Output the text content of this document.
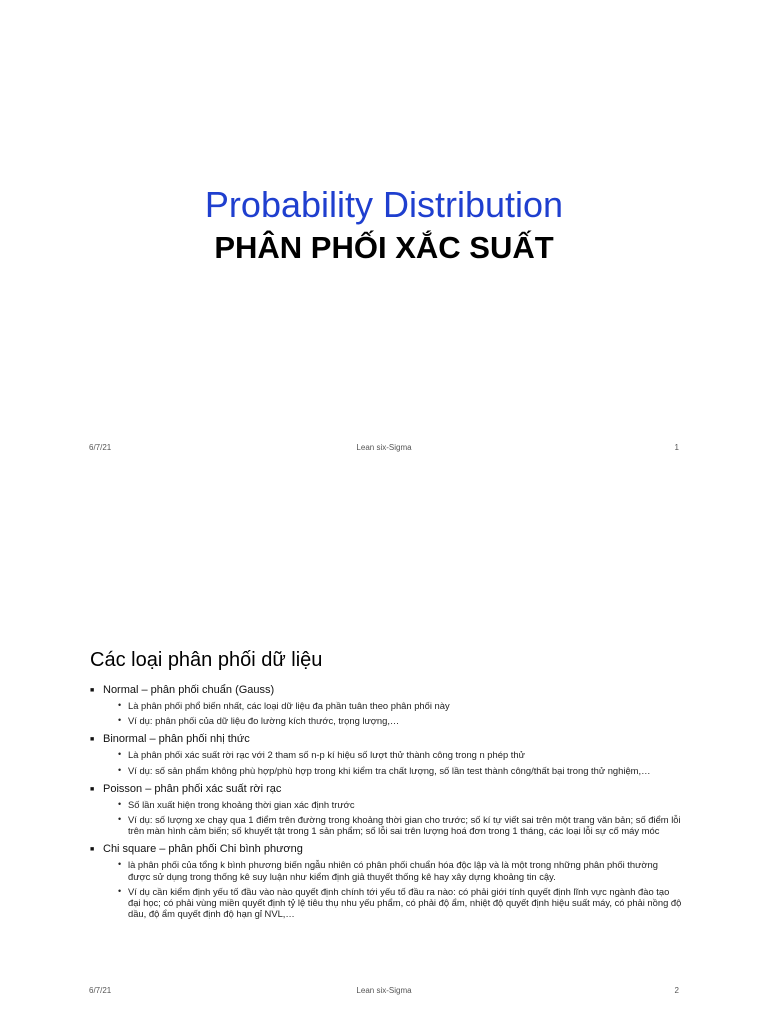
Probability Distribution
PHÂN PHỐI XẮC SUẤT
6/7/21	Lean six-Sigma	1
Các loại phân phối dữ liệu
■ Normal – phân phối chuẩn (Gauss)
• Là phân phối phổ biến nhất, các loại dữ liệu đa phần tuân theo phân phối này
• Ví dụ: phân phối của dữ liệu đo lường kích thước, trọng lượng,…
■ Binormal – phân phối nhị thức
• Là phân phối xác suất rời rạc với 2 tham số n-p kí hiệu số lượt thử thành công trong n phép thử
• Ví dụ: số sản phẩm không phù hợp/phù hợp trong khi kiểm tra chất lượng, số lần test thành công/thất bại trong thử nghiệm,…
■ Poisson – phân phối xác suất rời rạc
• Số lần xuất hiện trong khoảng thời gian xác định trước
• Ví dụ: số lượng xe chạy qua 1 điểm trên đường trong khoảng thời gian cho trước; số kí tự viết sai trên một trang văn bản; số điểm lỗi trên màn hình cảm biến; số khuyết tật trong 1 sản phẩm; số lỗi sai trên lượng hoá đơn trong 1 tháng, các loại lỗi sự cố máy móc
■ Chi square – phân phối Chi bình phương
• là phân phối của tổng k bình phương biến ngẫu nhiên có phân phối chuẩn hóa độc lập và là một trong những phân phối thường được sử dụng trong thống kê suy luận như kiểm định giả thuyết thống kê hay xây dựng khoảng tin cậy.
• Ví dụ cần kiểm định yếu tố đầu vào nào quyết định chính tới yếu tố đầu ra nào: có phải giới tính quyết định lĩnh vực ngành đào tạo đại học; có phải vùng miền quyết định tỷ lệ tiêu thụ nhu yếu phẩm, có phải độ ẩm, nhiệt độ quyết định hiệu suất máy, có phải nồng độ dầu, độ ẩm quyết định độ hạn gỉ NVL,…
6/7/21	Lean six-Sigma	2
